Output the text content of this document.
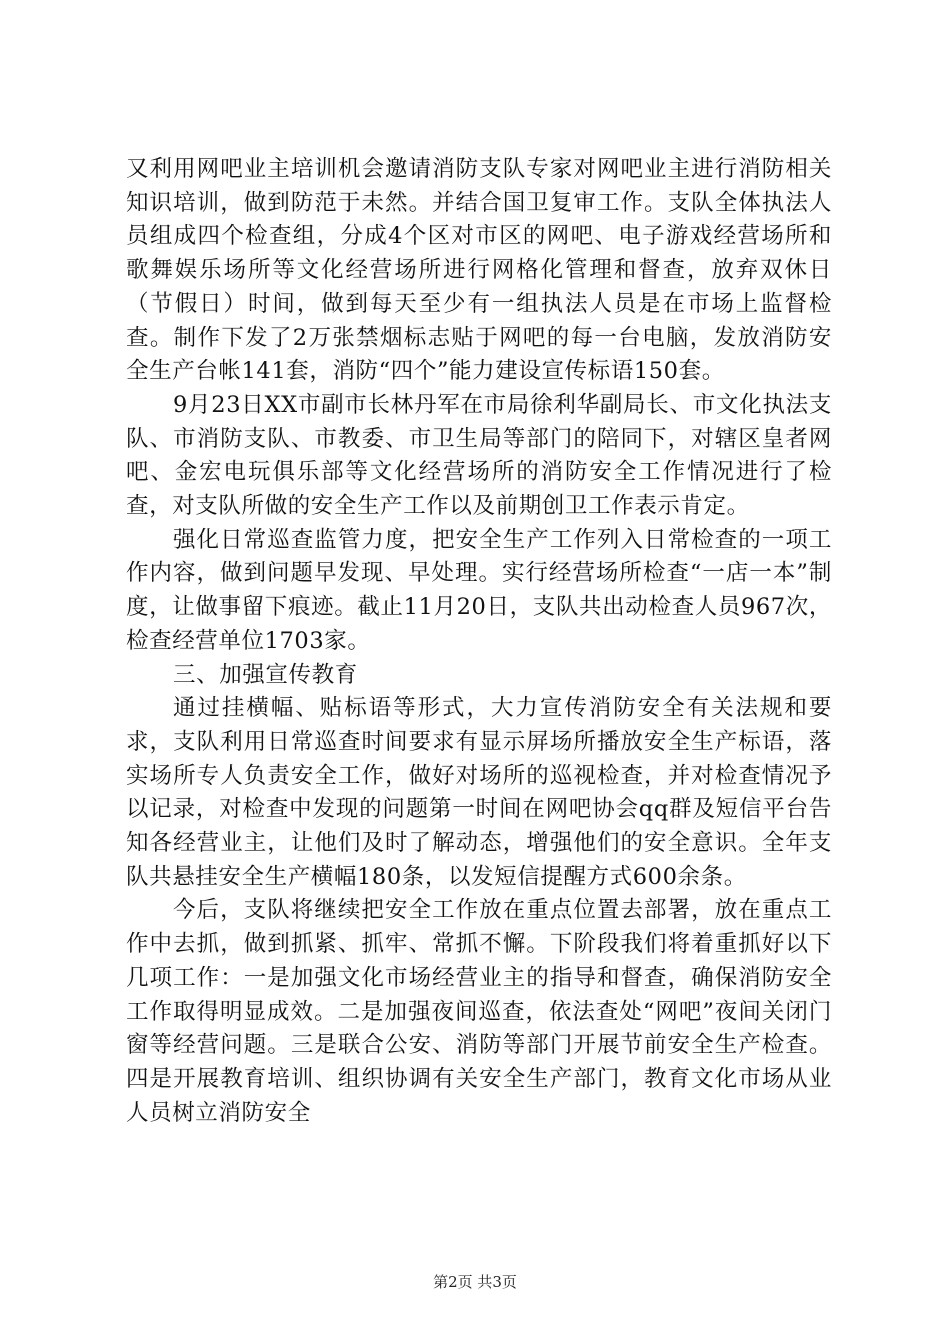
又利用网吧业主培训机会邀请消防支队专家对网吧业主进行消防相关知识培训，做到防范于未然。并结合国卫复审工作。支队全体执法人员组成四个检查组，分成4个区对市区的网吧、电子游戏经营场所和歌舞娱乐场所等文化经营场所进行网格化管理和督查，放弃双休日（节假日）时间，做到每天至少有一组执法人员是在市场上监督检查。制作下发了2万张禁烟标志贴于网吧的每一台电脑，发放消防安全生产台帐141套，消防“四个”能力建设宣传标语150套。

9月23日XX市副市长林丹军在市局徐利华副局长、市文化执法支队、市消防支队、市教委、市卫生局等部门的陪同下，对辖区皇者网吧、金宏电玩俱乐部等文化经营场所的消防安全工作情况进行了检查，对支队所做的安全生产工作以及前期创卫工作表示肯定。

强化日常巡查监管力度，把安全生产工作列入日常检查的一项工作内容，做到问题早发现、早处理。实行经营场所检查“一店一本”制度，让做事留下痕迹。截止11月20日，支队共出动检查人员967次，检查经营单位1703家。

三、加强宣传教育

通过挂横幅、贴标语等形式，大力宣传消防安全有关法规和要求，支队利用日常巡查时间要求有显示屏场所播放安全生产标语，落实场所专人负责安全工作，做好对场所的巡视检查，并对检查情况予以记录，对检查中发现的问题第一时间在网吧协会qq群及短信平台告知各经营业主，让他们及时了解动态，增强他们的安全意识。全年支队共悬挂安全生产横幅180条，以发短信提醒方式600余条。

今后，支队将继续把安全工作放在重点位置去部署，放在重点工作中去抓，做到抓紧、抓牢、常抓不懈。下阶段我们将着重抓好以下几项工作：一是加强文化市场经营业主的指导和督查，确保消防安全工作取得明显成效。二是加强夜间巡查，依法查处“网吧”夜间关闭门窗等经营问题。三是联合公安、消防等部门开展节前安全生产检查。四是开展教育培训、组织协调有关安全生产部门，教育文化市场从业人员树立消防安全

第2页 共3页
